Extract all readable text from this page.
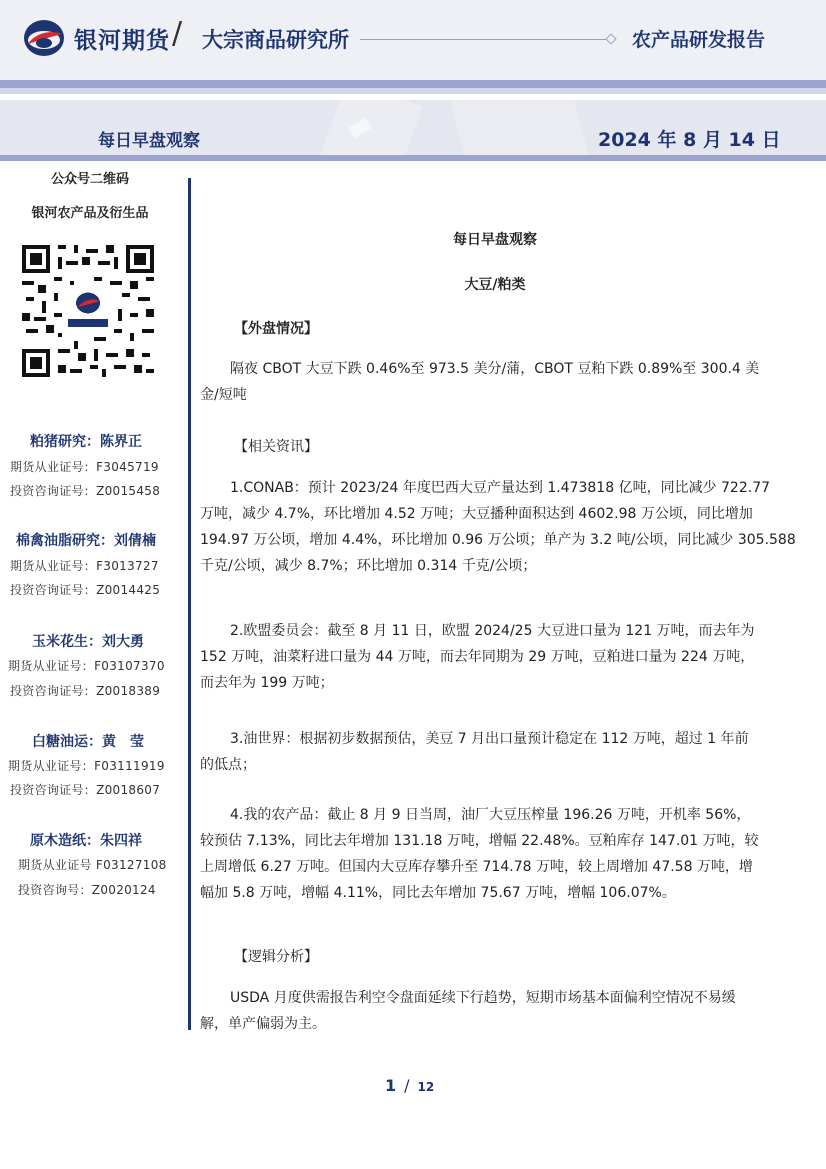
银河期货 / 大宗商品研究所	农产品研发报告
每日早盘观察	2024 年 8 月 14 日
公众号二维码
银河农产品及衍生品
粕猪研究：陈界正
期货从业证号：F3045719
投资咨询证号：Z0015458
棉禽油脂研究：刘倩楠
期货从业证号：F3013727
投资咨询证号：Z0014425
玉米花生：刘大勇
期货从业证号：F03107370
投资咨询证号：Z0018389
白糖油运：黄　莹
期货从业证号：F03111919
投资咨询证号：Z0018607
原木造纸：朱四祥
期货从业证号 F03127108
投资咨询号：Z0020124
每日早盘观察
大豆/粕类
【外盘情况】
隔夜 CBOT 大豆下跌 0.46%至 973.5 美分/蒲，CBOT 豆粕下跌 0.89%至 300.4 美
金/短吨
【相关资讯】
1.CONAB：预计 2023/24 年度巴西大豆产量达到 1.473818 亿吨，同比减少 722.77
万吨，减少 4.7%，环比增加 4.52 万吨；大豆播种面积达到 4602.98 万公顷，同比增加
194.97 万公顷，增加 4.4%，环比增加 0.96 万公顷；单产为 3.2 吨/公顷，同比减少 305.588
千克/公顷，减少 8.7%；环比增加 0.314 千克/公顷；
2.欧盟委员会：截至 8 月 11 日，欧盟 2024/25 大豆进口量为 121 万吨，而去年为
152 万吨，油菜籽进口量为 44 万吨，而去年同期为 29 万吨，豆粕进口量为 224 万吨，
而去年为 199 万吨；
3.油世界：根据初步数据预估，美豆 7 月出口量预计稳定在 112 万吨，超过 1 年前
的低点；
4.我的农产品：截止 8 月 9 日当周，油厂大豆压榨量 196.26 万吨，开机率 56%，
较预估 7.13%，同比去年增加 131.18 万吨，增幅 22.48%。豆粕库存 147.01 万吨，较
上周增低 6.27 万吨。但国内大豆库存攀升至 714.78 万吨，较上周增加 47.58 万吨，增
幅加 5.8 万吨，增幅 4.11%，同比去年增加 75.67 万吨，增幅 106.07%。
【逻辑分析】
USDA 月度供需报告利空令盘面延续下行趋势，短期市场基本面偏利空情况不易缓
解，单产偏弱为主。
1 / 12
